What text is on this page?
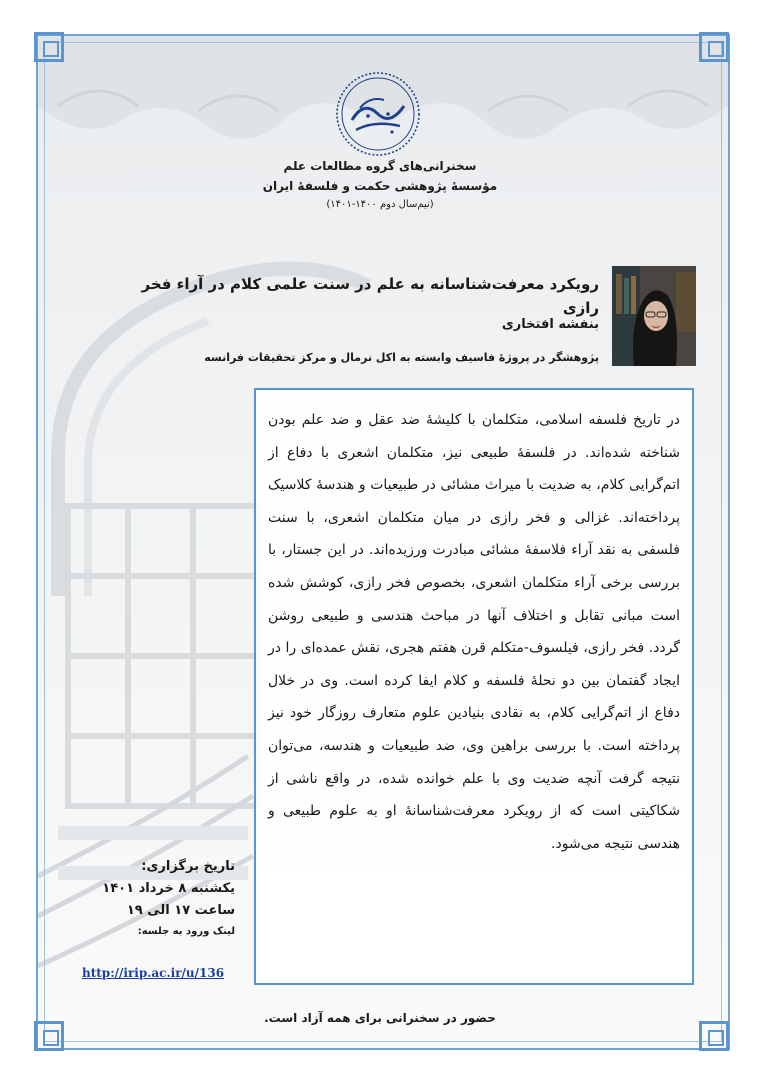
سخنرانی‌های گروه مطالعات علم
مؤسسهٔ پژوهشی حکمت و فلسفهٔ ایران
(نیم‌سال دوم ۱۴۰۰-۱۴۰۱)
رویکرد معرفت‌شناسانه به علم در سنت علمی کلام در آراء فخر رازی
بنفشه افتخاری
پژوهشگر در پروژهٔ فاسیف وابسته به اکل نرمال و مرکز تحقیقات فرانسه

در تاریخ فلسفه اسلامی، متکلمان با کلیشهٔ ضد عقل و ضد علم بودن شناخته شده‌اند. در فلسفهٔ طبیعی نیز، متکلمان اشعری با دفاع از اتم‌گرایی کلام، به ضدیت با میراث مشائی در طبیعیات و هندسهٔ کلاسیک پرداخته‌اند. غزالی و فخر رازی در میان متکلمان اشعری، با سنت فلسفی به نقد آراء فلاسفهٔ مشائی مبادرت ورزیده‌اند. در این جستار، با بررسی برخی آراء متکلمان اشعری، بخصوص فخر رازی، کوشش شده است مبانی تقابل و اختلاف آنها در مباحث هندسی و طبیعی روشن گردد. فخر رازی، فیلسوف-متکلم قرن هفتم هجری، نقش عمده‌ای را در ایجاد گفتمان بین دو نحلهٔ فلسفه و کلام ایفا کرده است. وی در خلال دفاع از اتم‌گرایی کلام، به نقادی بنیادین علوم متعارف روزگار خود نیز پرداخته است. با بررسی براهین وی، ضد طبیعیات و هندسه، می‌توان نتیجه گرفت آنچه ضدیت وی با علم خوانده شده، در واقع ناشی از شکاکیتی است که از رویکرد معرفت‌شناسانهٔ او به علوم طبیعی و هندسی نتیجه می‌شود.

تاریخ برگزاری:
یکشنبه ۸ خرداد ۱۴۰۱
ساعت ۱۷ الی ۱۹
لینک ورود به جلسه:
http://irip.ac.ir/u/136
حضور در سخنرانی برای همه آزاد است.
